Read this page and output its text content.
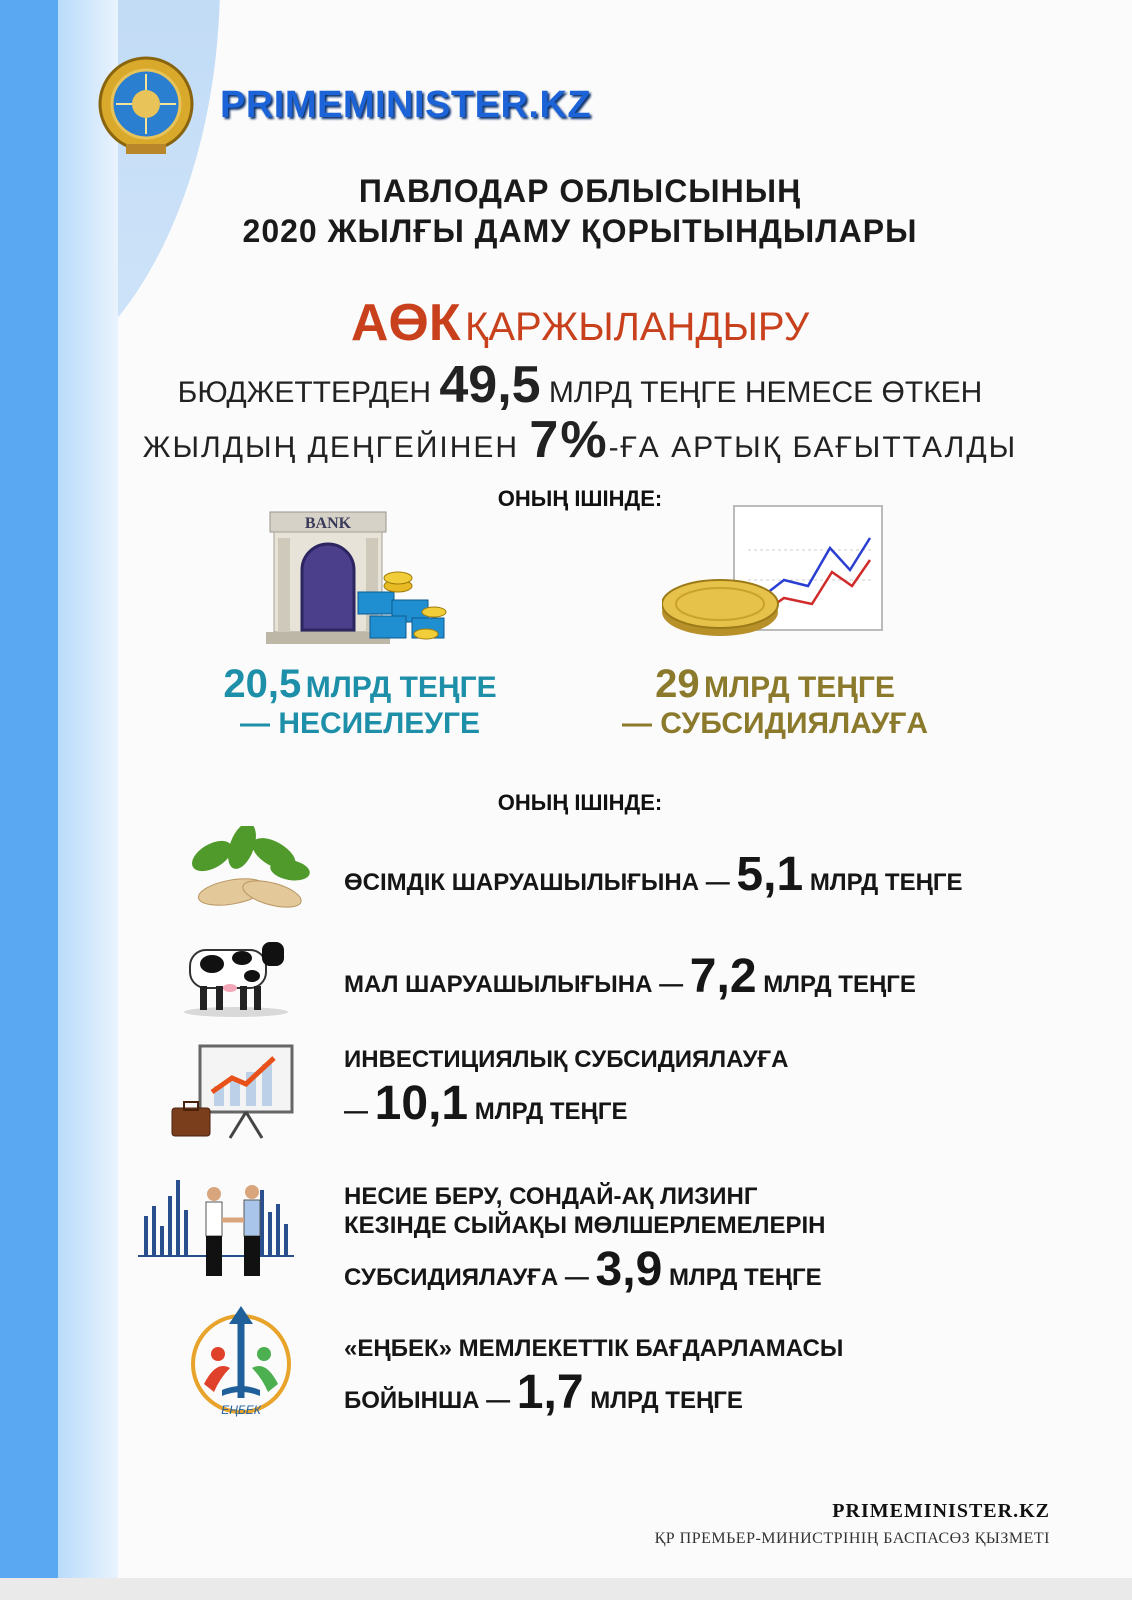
PRIMEMINISTER.KZ
ПАВЛОДАР ОБЛЫСЫНЫҢ
2020 ЖЫЛҒЫ ДАМУ ҚОРЫТЫНДЫЛАРЫ
АӨК ҚАРЖЫЛАНДЫРУ
БЮДЖЕТТЕРДЕН 49,5 МЛРД ТЕҢГЕ НЕМЕСЕ ӨТКЕН
ЖЫЛДЫҢ ДЕҢГЕЙІНЕН 7%-ҒА АРТЫҚ БАҒЫТТАЛДЫ
ОНЫҢ ІШІНДЕ:
BANK
20,5 МЛРД ТЕҢГЕ
— НЕСИЕЛЕУГЕ
29 МЛРД ТЕҢГЕ
— СУБСИДИЯЛАУҒА
ОНЫҢ ІШІНДЕ:
ӨСІМДІК ШАРУАШЫЛЫҒЫНА — 5,1 МЛРД ТЕҢГЕ
МАЛ ШАРУАШЫЛЫҒЫНА — 7,2 МЛРД ТЕҢГЕ
ИНВЕСТИЦИЯЛЫҚ СУБСИДИЯЛАУҒА
— 10,1 МЛРД ТЕҢГЕ
НЕСИЕ БЕРУ, СОНДАЙ-АҚ ЛИЗИНГ
КЕЗІНДЕ СЫЙАҚЫ МӨЛШЕРЛЕМЕЛЕРІН
СУБСИДИЯЛАУҒА — 3,9 МЛРД ТЕҢГЕ
ЕҢБЕК
«ЕҢБЕК» МЕМЛЕКЕТТІК БАҒДАРЛАМАСЫ
БОЙЫНША — 1,7 МЛРД ТЕҢГЕ
PRIMEMINISTER.KZ
ҚР ПРЕМЬЕР-МИНИСТРІНІҢ БАСПАСӨЗ ҚЫЗМЕТІ
